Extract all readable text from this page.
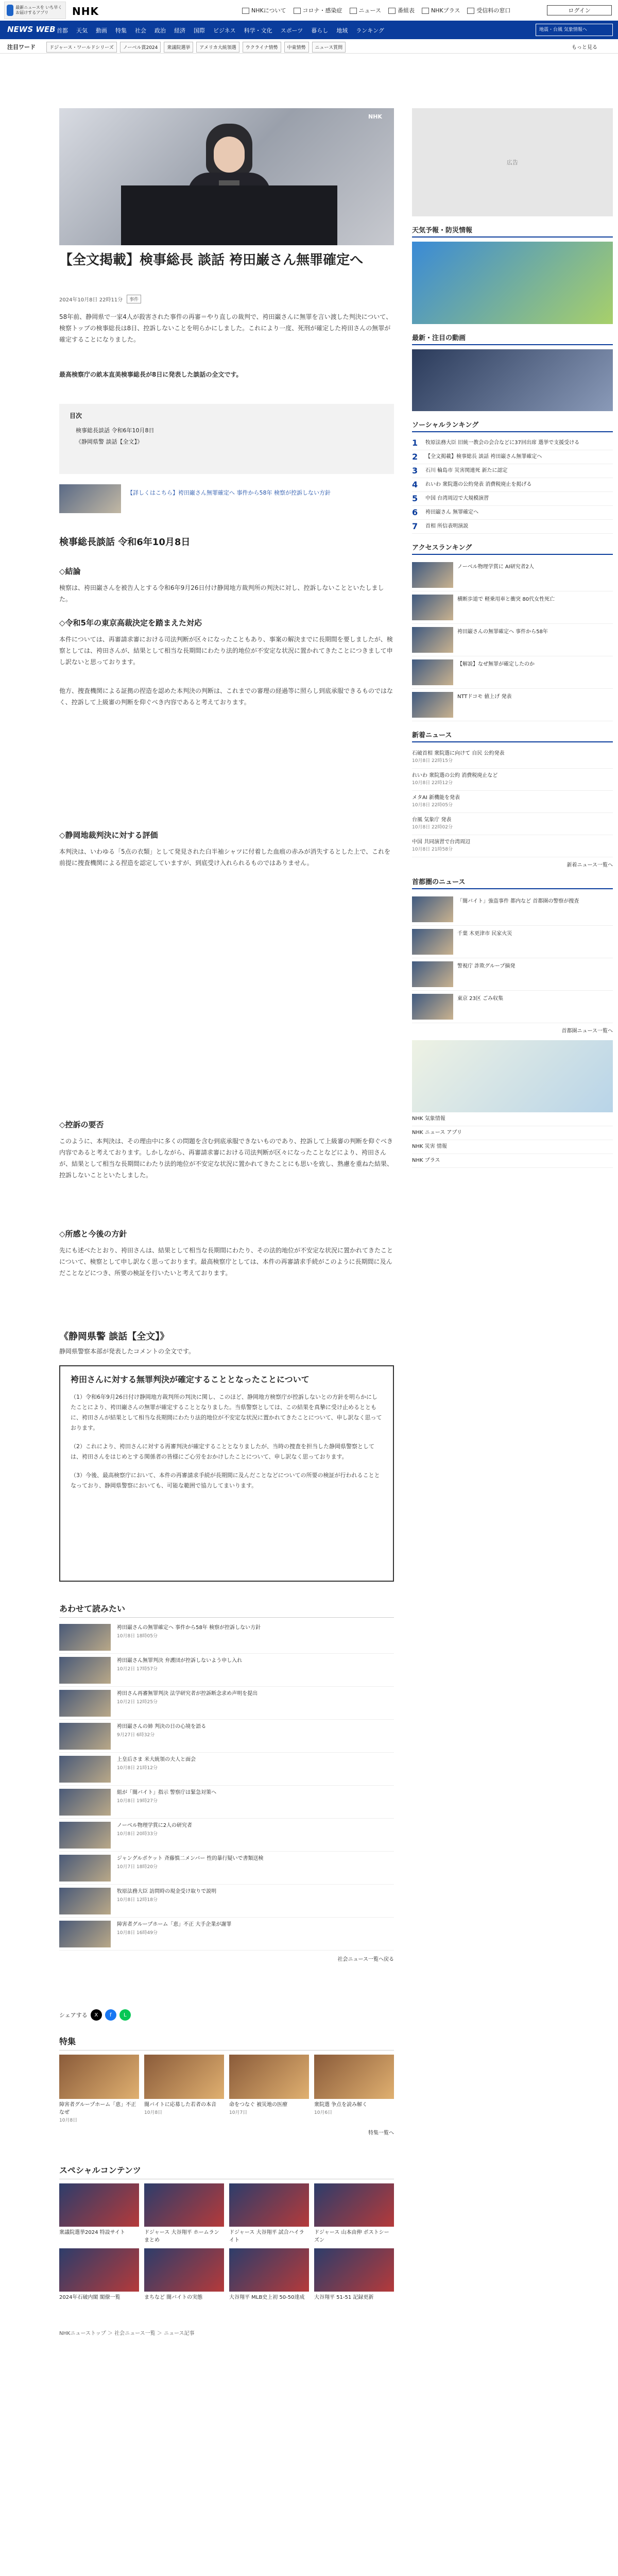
最新ニュースを いち早くお届けするアプリ	NHK	NHKについて	コロナ・感染症	ニュース	番組表	NHKプラス	受信料の窓口	ログイン
NEWS WEB 首都 天気 動画 特集 社会 政治 経済 国際 ビジネス 科学・文化 スポーツ 暮らし 地域 ランキング	地震・台風 気象情報へ
注目ワード	ドジャース・ワールドシリーズ	ノーベル賞2024	衆議院選挙	アメリカ大統領選	ウクライナ情勢	中東情勢	ニュース質問	もっと見る
NHK
【全文掲載】検事総長 談話 袴田巌さん無罪確定へ
2024年10月8日 22時11分	事件

58年前、静岡県で一家4人が殺害された事件の再審＝やり直しの裁判で、袴田巌さんに無罪を言い渡した判決について、検察トップの検事総長は8日、控訴しないことを明らかにしました。これにより一度、死刑が確定した袴田さんの無罪が確定することになりました。

最高検察庁の畝本直美検事総長が8日に発表した談話の全文です。

目次
検事総長談話 令和6年10月8日
《静岡県警 談話【全文】》
【詳しくはこちら】袴田巌さん無罪確定へ 事件から58年 検察が控訴しない方針
検事総長談話 令和6年10月8日
◇結論

検察は、袴田巌さんを被告人とする令和6年9月26日付け静岡地方裁判所の判決に対し、控訴しないことといたしました。

◇令和5年の東京高裁決定を踏まえた対応

本件については、再審請求審における司法判断が区々になったこともあり、事案の解決までに長期間を要しましたが、検察としては、袴田さんが、結果として相当な長期間にわたり法的地位が不安定な状況に置かれてきたことにつきまして申し訳ないと思っております。

他方、捜査機関による証拠の捏造を認めた本判決の判断は、これまでの審理の経過等に照らし到底承服できるものではなく、控訴して上級審の判断を仰ぐべき内容であると考えております。

◇静岡地裁判決に対する評価

本判決は、いわゆる「5点の衣類」として発見された白半袖シャツに付着した血痕の赤みが消失するとした上で、これを前提に捜査機関による捏造を認定していますが、到底受け入れられるものではありません。

◇控訴の要否

このように、本判決は、その理由中に多くの問題を含む到底承服できないものであり、控訴して上級審の判断を仰ぐべき内容であると考えております。しかしながら、再審請求審における司法判断が区々になったことなどにより、袴田さんが、結果として相当な長期間にわたり法的地位が不安定な状況に置かれてきたことにも思いを致し、熟慮を重ねた結果、控訴しないことといたしました。

◇所感と今後の方針

先にも述べたとおり、袴田さんは、結果として相当な長期間にわたり、その法的地位が不安定な状況に置かれてきたことについて、検察として申し訳なく思っております。最高検察庁としては、本件の再審請求手続がこのように長期間に及んだことなどにつき、所要の検証を行いたいと考えております。

《静岡県警 談話【全文】》

静岡県警察本部が発表したコメントの全文です。

袴田さんに対する無罪判決が確定することとなったことについて

（1）令和6年9月26日付け静岡地方裁判所の判決に関し、このほど、静岡地方検察庁が控訴しないとの方針を明らかにしたことにより、袴田巌さんの無罪が確定することとなりました。当県警察としては、この結果を真摯に受け止めるとともに、袴田さんが結果として相当な長期間にわたり法的地位が不安定な状況に置かれてきたことについて、申し訳なく思っております。

（2）これにより、袴田さんに対する再審判決が確定することとなりましたが、当時の捜査を担当した静岡県警察としては、袴田さんをはじめとする関係者の皆様にご心労をおかけしたことについて、申し訳なく思っております。

（3）今後、最高検察庁において、本件の再審請求手続が長期間に及んだことなどについての所要の検証が行われることとなっており、静岡県警察においても、可能な範囲で協力してまいります。

あわせて読みたい
袴田巌さんの無罪確定へ 事件から58年 検察が控訴しない方針
10月8日 18時05分
袴田巌さん無罪判決 弁護団が控訴しないよう申し入れ
10月2日 17時57分
袴田さん再審無罪判決 法学研究者が控訴断念求め声明を提出
10月2日 12時25分
袴田巌さんの姉 判決の日の心境を語る
9月27日 6時32分
上皇后さま 米大統領の夫人と面会
10月8日 21時12分
組が「闇バイト」指示 警察庁は緊急対策へ
10月8日 19時27分
ノーベル物理学賞に2人の研究者
10月8日 20時33分
ジャングルポケット 斉藤慎二メンバー 性的暴行疑いで書類送検
10月7日 18時20分
牧原法務大臣 訪問時の現金受け取りで説明
10月8日 12時18分
障害者グループホーム「恵」不正 大手企業が謝罪
10月8日 16時49分
社会ニュース一覧へ戻る
シェアする	X	f	L
特集
障害者グループホーム「恵」不正なぜ
10月8日
闇バイトに応募した若者の本音
10月8日
命をつなぐ 被災地の医療
10月7日
衆院選 争点を読み解く
10月6日
特集一覧へ
スペシャルコンテンツ
衆議院選挙2024 特設サイト	ドジャース 大谷翔平 ホームランまとめ
ドジャース 大谷翔平 試合ハイライト
ドジャース 山本由伸 ポストシーズン
2024年石破内閣 閣僚一覧	まちなど 闇バイトの実態	大谷翔平 MLB史上初 50-50達成	大谷翔平 51-51 記録更新
NHKニューストップ ＞ 社会ニュース一覧 ＞ ニュース記事
広告
天気予報・防災情報
最新・注目の動画
ソーシャルランキング
1	牧原法務大臣 旧統一教会の会合などに37回出席 選挙で支援受ける
2	【全文掲載】検事総長 談話 袴田巌さん無罪確定へ
3	石川 輪島市 災害関連死 新たに認定
4	れいわ 衆院選の公約発表 消費税廃止を掲げる
5	中国 台湾周辺で大規模演習
6	袴田巌さん 無罪確定へ
7	首相 所信表明演説
アクセスランキング
ノーベル物理学賞に AI研究者2人
横断歩道で 軽乗用車と衝突 80代女性死亡
袴田巌さんの無罪確定へ 事件から58年
【解説】なぜ無罪が確定したのか
NTTドコモ 値上げ 発表
新着ニュース
石破首相 衆院選に向けて 自民 公約発表
10月8日 22時15分
れいわ 衆院選の公約 消費税廃止など
10月8日 22時12分
メタAI 新機能を発表
10月8日 22時05分
台風 気象庁 発表
10月8日 22時02分
中国 共同演習で台湾周辺
10月8日 21時58分
新着ニュース一覧へ
首都圏のニュース
「闇バイト」強盗事件 都内など 首都圏の警察が捜査
千葉 木更津市 民家火災
警視庁 詐欺グループ摘発
東京 23区 ごみ収集
首都圏ニュース一覧へ
NHK 気象情報
NHK ニュース アプリ
NHK 災害 情報
NHK プラス
